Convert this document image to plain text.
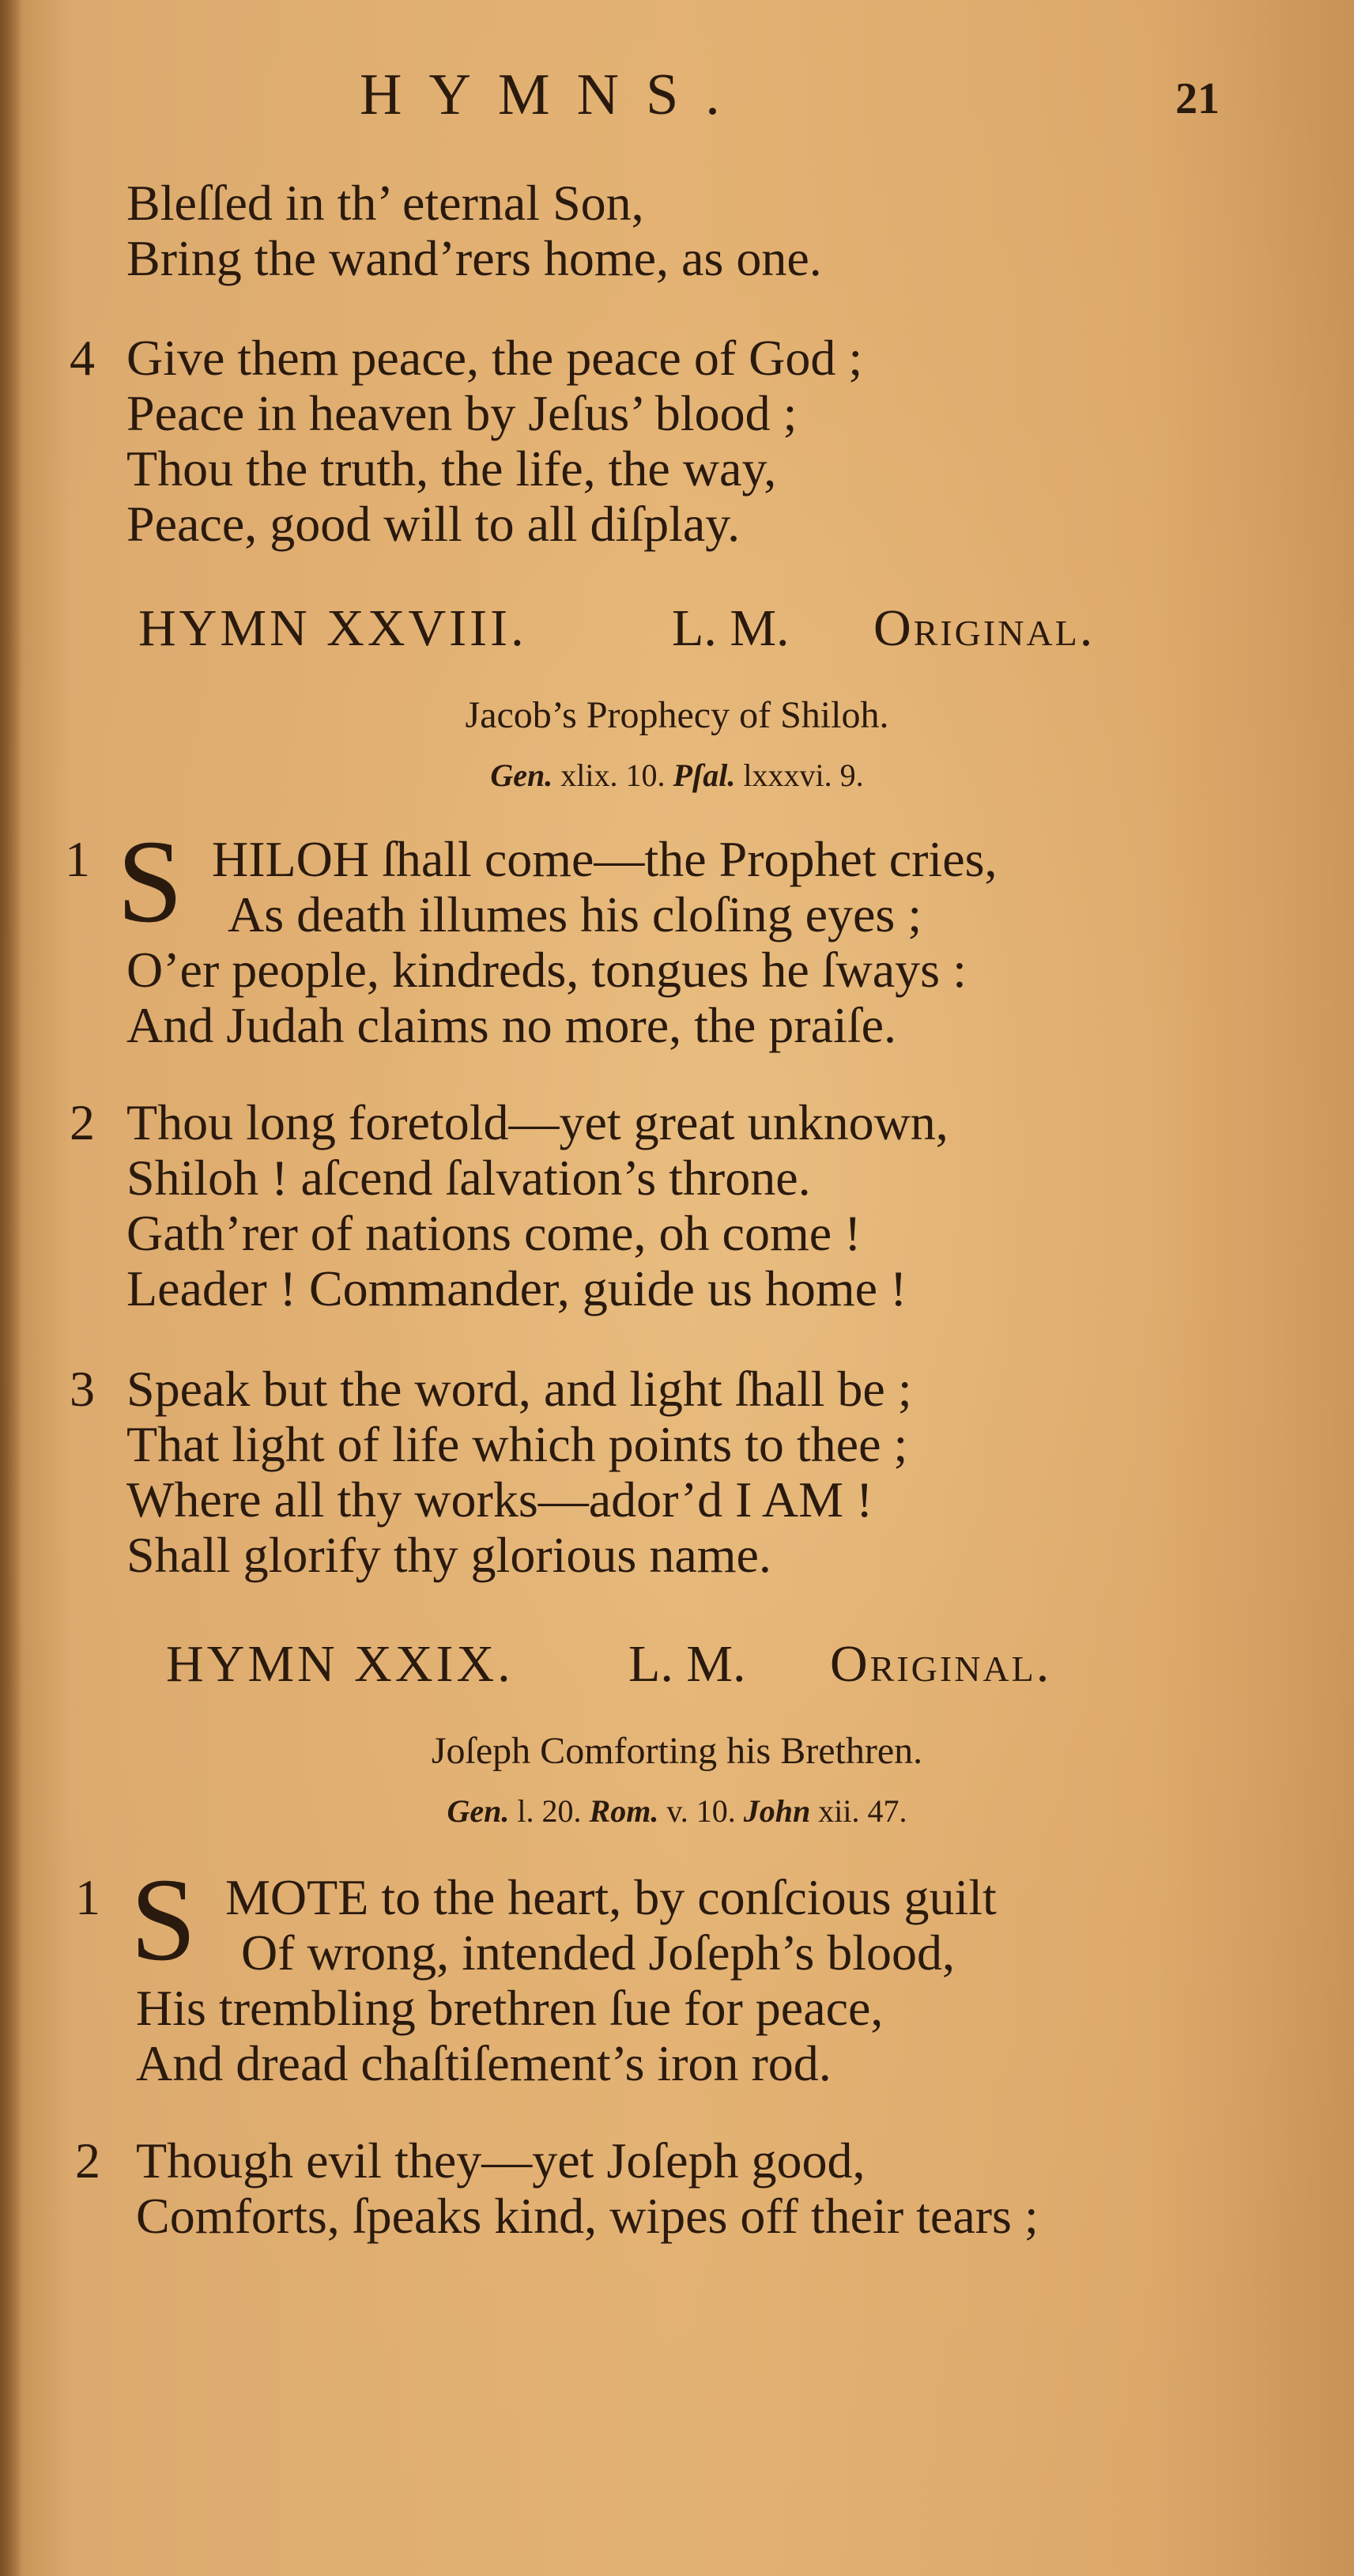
HYMNS.	21
Bleſſed in th’ eternal Son,
Bring the wand’rers home, as one.
4 Give them peace, the peace of God ;
Peace in heaven by Jeſus’ blood ;
Thou the truth, the life, the way,
Peace, good will to all diſplay.
HYMN XXVIII.	L. M. Original.
Jacob’s Prophecy of Shiloh.
Gen. xlix. 10. Pſal. lxxxvi. 9.
1 S HILOH ſhall come—the Prophet cries,
As death illumes his cloſing eyes ;
O’er people, kindreds, tongues he ſways :
And Judah claims no more, the praiſe.
2 Thou long foretold—yet great unknown,
Shiloh ! aſcend ſalvation’s throne.
Gath’rer of nations come, oh come !
Leader ! Commander, guide us home !
3 Speak but the word, and light ſhall be ;
That light of life which points to thee ;
Where all thy works—ador’d I AM !
Shall glorify thy glorious name.
HYMN XXIX. L. M. Original.
Joſeph Comforting his Brethren.
Gen. l. 20. Rom. v. 10. John xii. 47.
1 S MOTE to the heart, by conſcious guilt
Of wrong, intended Joſeph’s blood,
His trembling brethren ſue for peace,
And dread chaſtiſement’s iron rod.
2 Though evil they—yet Joſeph good,
Comforts, ſpeaks kind, wipes off their tears ;
